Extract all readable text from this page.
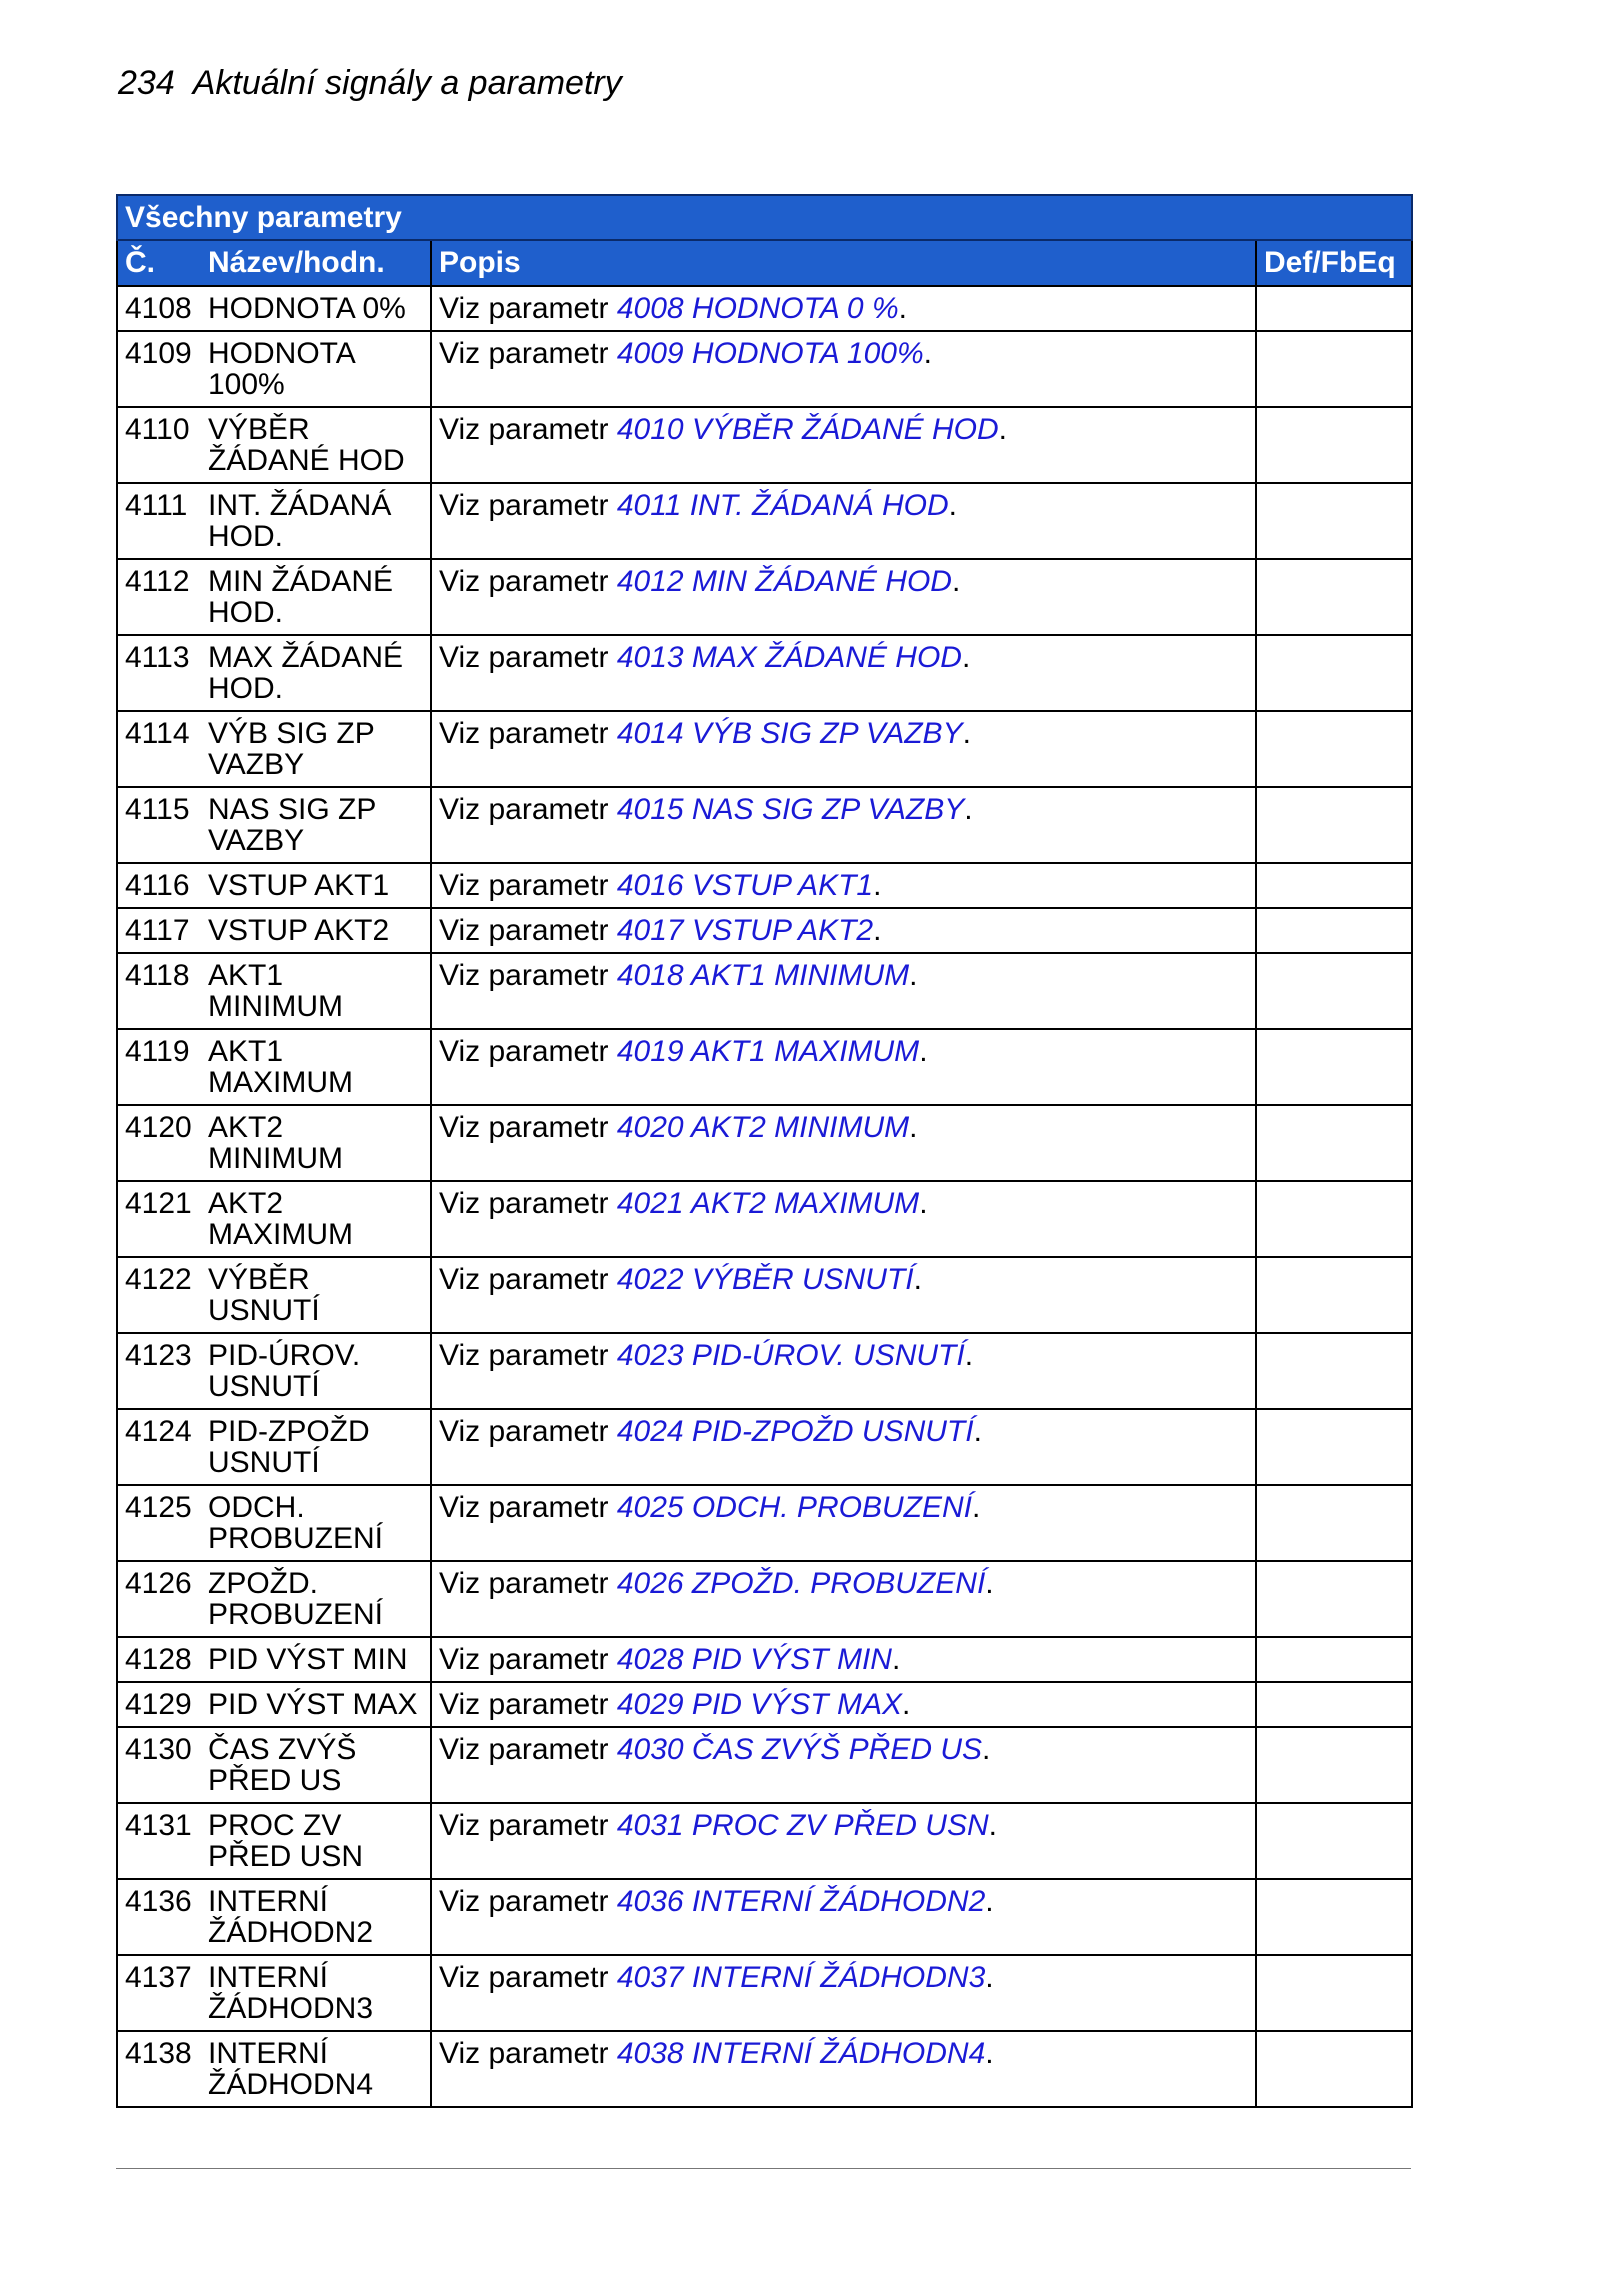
234 Aktuální signály a parametry
Všechny parametry			
Č.	Název/hodn.	Popis	Def/FbEq
4108	HODNOTA 0%	Viz parametr 4008 HODNOTA 0 %.	
4109	HODNOTA 100%	Viz parametr 4009 HODNOTA 100%.	
4110	VÝBĚR ŽÁDANÉ HOD	Viz parametr 4010 VÝBĚR ŽÁDANÉ HOD.	
4111	INT. ŽÁDANÁ HOD.	Viz parametr 4011 INT. ŽÁDANÁ HOD.	
4112	MIN ŽÁDANÉ HOD.	Viz parametr 4012 MIN ŽÁDANÉ HOD.	
4113	MAX ŽÁDANÉ HOD.	Viz parametr 4013 MAX ŽÁDANÉ HOD.	
4114	VÝB SIG ZP VAZBY	Viz parametr 4014 VÝB SIG ZP VAZBY.	
4115	NAS SIG ZP VAZBY	Viz parametr 4015 NAS SIG ZP VAZBY.	
4116	VSTUP AKT1	Viz parametr 4016 VSTUP AKT1.	
4117	VSTUP AKT2	Viz parametr 4017 VSTUP AKT2.	
4118	AKT1 MINIMUM	Viz parametr 4018 AKT1 MINIMUM.	
4119	AKT1 MAXIMUM	Viz parametr 4019 AKT1 MAXIMUM.	
4120	AKT2 MINIMUM	Viz parametr 4020 AKT2 MINIMUM.	
4121	AKT2 MAXIMUM	Viz parametr 4021 AKT2 MAXIMUM.	
4122	VÝBĚR USNUTÍ	Viz parametr 4022 VÝBĚR USNUTÍ.	
4123	PID-ÚROV. USNUTÍ	Viz parametr 4023 PID-ÚROV. USNUTÍ.	
4124	PID-ZPOŽD USNUTÍ	Viz parametr 4024 PID-ZPOŽD USNUTÍ.	
4125	ODCH. PROBUZENÍ	Viz parametr 4025 ODCH. PROBUZENÍ.	
4126	ZPOŽD. PROBUZENÍ	Viz parametr 4026 ZPOŽD. PROBUZENÍ.	
4128	PID VÝST MIN	Viz parametr 4028 PID VÝST MIN.	
4129	PID VÝST MAX	Viz parametr 4029 PID VÝST MAX.	
4130	ČAS ZVÝŠ PŘED US	Viz parametr 4030 ČAS ZVÝŠ PŘED US.	
4131	PROC ZV PŘED USN	Viz parametr 4031 PROC ZV PŘED USN.	
4136	INTERNÍ ŽÁDHODN2	Viz parametr 4036 INTERNÍ ŽÁDHODN2.	
4137	INTERNÍ ŽÁDHODN3	Viz parametr 4037 INTERNÍ ŽÁDHODN3.	
4138	INTERNÍ ŽÁDHODN4	Viz parametr 4038 INTERNÍ ŽÁDHODN4.	
